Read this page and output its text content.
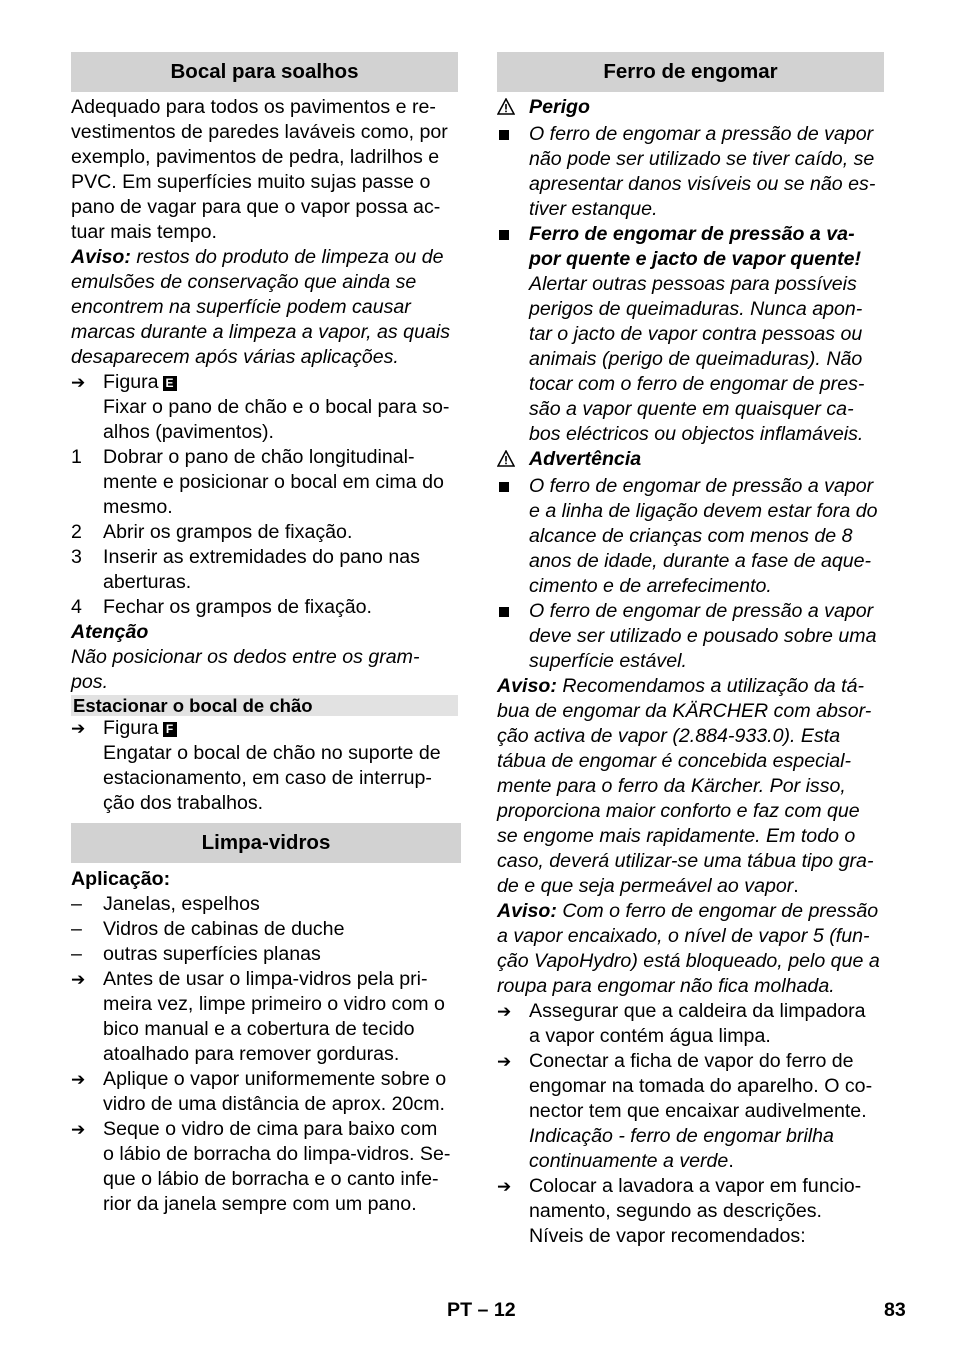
Bocal para soalhos
Adequado para todos os pavimentos e re-
vestimentos de paredes laváveis como, por
exemplo, pavimentos de pedra, ladrilhos e
PVC. Em superfícies muito sujas passe o
pano de vagar para que o vapor possa ac-
tuar mais tempo.
Aviso: restos do produto de limpeza ou de
emulsões de conservação que ainda se
encontrem na superfície podem causar
marcas durante a limpeza a vapor, as quais
desaparecem após várias aplicações.
➔ Figura E
Fixar o pano de chão e o bocal para so-
alhos (pavimentos).
1	Dobrar o pano de chão longitudinal-
mente e posicionar o bocal em cima do
mesmo.
2	Abrir os grampos de fixação.
3	Inserir as extremidades do pano nas
aberturas.
4	Fechar os grampos de fixação.
Atenção
Não posicionar os dedos entre os gram-
pos.
Estacionar o bocal de chão
➔ Figura F
Engatar o bocal de chão no suporte de
estacionamento, em caso de interrup-
ção dos trabalhos.
Limpa-vidros
Aplicação:
–	Janelas, espelhos
–	Vidros de cabinas de duche
–	outras superfícies planas
➔ Antes de usar o limpa-vidros pela pri-
meira vez, limpe primeiro o vidro com o
bico manual e a cobertura de tecido
atoalhado para remover gorduras.
➔ Aplique o vapor uniformemente sobre o
vidro de uma distância de aprox. 20cm.
➔ Seque o vidro de cima para baixo com
o lábio de borracha do limpa-vidros. Se-
que o lábio de borracha e o canto infe-
rior da janela sempre com um pano.
Ferro de engomar
Perigo
O ferro de engomar a pressão de vapor
não pode ser utilizado se tiver caído, se
apresentar danos visíveis ou se não es-
tiver estanque.
Ferro de engomar de pressão a va-
por quente e jacto de vapor quente!
Alertar outras pessoas para possíveis
perigos de queimaduras. Nunca apon-
tar o jacto de vapor contra pessoas ou
animais (perigo de queimaduras). Não
tocar com o ferro de engomar de pres-
são a vapor quente em quaisquer ca-
bos eléctricos ou objectos inflamáveis.
Advertência
O ferro de engomar de pressão a vapor
e a linha de ligação devem estar fora do
alcance de crianças com menos de 8
anos de idade, durante a fase de aque-
cimento e de arrefecimento.
O ferro de engomar de pressão a vapor
deve ser utilizado e pousado sobre uma
superfície estável.
Aviso: Recomendamos a utilização da tá-
bua de engomar da KÄRCHER com absor-
ção activa de vapor (2.884-933.0). Esta
tábua de engomar é concebida especial-
mente para o ferro da Kärcher. Por isso,
proporciona maior conforto e faz com que
se engome mais rapidamente. Em todo o
caso, deverá utilizar-se uma tábua tipo gra-
de e que seja permeável ao vapor.
Aviso: Com o ferro de engomar de pressão
a vapor encaixado, o nível de vapor 5 (fun-
ção VapoHydro) está bloqueado, pelo que a
roupa para engomar não fica molhada.
➔ Assegurar que a caldeira da limpadora
a vapor contém água limpa.
➔ Conectar a ficha de vapor do ferro de
engomar na tomada do aparelho. O co-
nector tem que encaixar audivelmente.
Indicação - ferro de engomar brilha
continuamente a verde.
➔ Colocar a lavadora a vapor em funcio-
namento, segundo as descrições.
Níveis de vapor recomendados:
PT – 12	83
